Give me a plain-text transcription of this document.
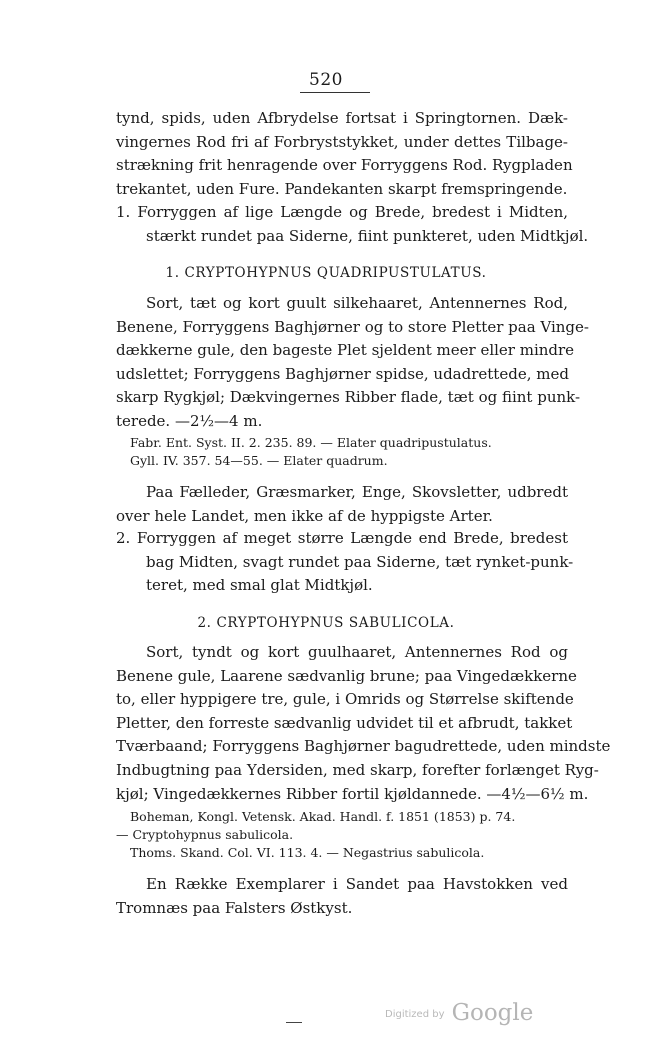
520
tynd, spids, uden Afbrydelse fortsat i Springtornen. Dæk-
vingernes Rod fri af Forbryststykket, under dettes Tilbage-
strækning frit henragende over Forryggens Rod. Rygpladen
trekantet, uden Fure. Pandekanten skarpt fremspringende.
1. Forryggen af lige Længde og Brede, bredest i Midten,
stærkt rundet paa Siderne, fiint punkteret, uden Midtkjøl.
1. CRYPTOHYPNUS QUADRIPUSTULATUS.
Sort, tæt og kort guult silkehaaret, Antennernes Rod,
Benene, Forryggens Baghjørner og to store Pletter paa Vinge-
dækkerne gule, den bageste Plet sjeldent meer eller mindre
udslettet; Forryggens Baghjørner spidse, udadrettede, med
skarp Rygkjøl; Dækvingernes Ribber flade, tæt og fiint punk-
terede. —2½—4 m.
Fabr. Ent. Syst. II. 2. 235. 89. — Elater quadripustulatus.
Gyll. IV. 357. 54—55. — Elater quadrum.
Paa Fælleder, Græsmarker, Enge, Skovsletter, udbredt
over hele Landet, men ikke af de hyppigste Arter.
2. Forryggen af meget større Længde end Brede, bredest
bag Midten, svagt rundet paa Siderne, tæt rynket-punk-
teret, med smal glat Midtkjøl.
2. CRYPTOHYPNUS SABULICOLA.
Sort, tyndt og kort guulhaaret, Antennernes Rod og
Benene gule, Laarene sædvanlig brune; paa Vingedækkerne
to, eller hyppigere tre, gule, i Omrids og Størrelse skiftende
Pletter, den forreste sædvanlig udvidet til et afbrudt, takket
Tværbaand; Forryggens Baghjørner bagudrettede, uden mindste
Indbugtning paa Ydersiden, med skarp, forefter forlænget Ryg-
kjøl; Vingedækkernes Ribber fortil kjøldannede. —4½—6½ m.
Boheman, Kongl. Vetensk. Akad. Handl. f. 1851 (1853) p. 74.
— Cryptohypnus sabulicola.
Thoms. Skand. Col. VI. 113. 4. — Negastrius sabulicola.
En Række Exemplarer i Sandet paa Havstokken ved
Tromnæs paa Falsters Østkyst.
Digitized by Google
